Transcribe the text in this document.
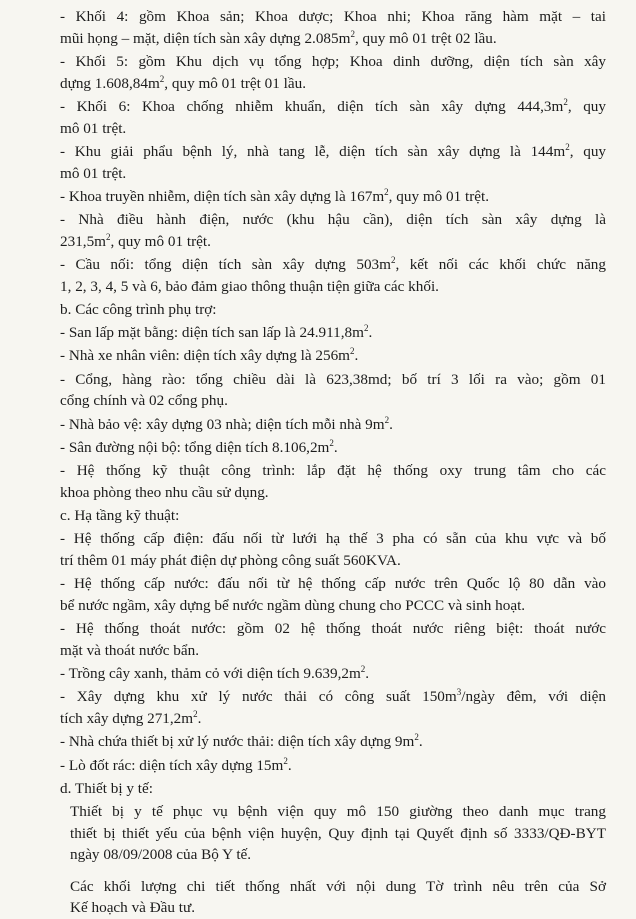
- Khối 4: gồm Khoa sản; Khoa dược; Khoa nhi; Khoa răng hàm mặt – tai
mũi họng – mặt, diện tích sàn xây dựng $2.085m^2$, quy mô 01 trệt 02 lầu.
- Khối 5: gồm Khu dịch vụ tổng hợp; Khoa dinh dưỡng, diện tích sàn xây
dựng $1.608,84m^2$, quy mô 01 trệt 01 lầu.
- Khối 6: Khoa chống nhiễm khuẩn, diện tích sàn xây dựng $444,3m^2$, quy
mô 01 trệt.
- Khu giải phẩu bệnh lý, nhà tang lễ, diện tích sàn xây dựng là $144m^2$, quy
mô 01 trệt.
- Khoa truyền nhiễm, diện tích sàn xây dựng là $167m^2$, quy mô 01 trệt.
- Nhà điều hành điện, nước (khu hậu cần), diện tích sàn xây dựng là
$231,5m^2$, quy mô 01 trệt.
- Cầu nối: tổng diện tích sàn xây dựng $503m^2$, kết nối các khối chức năng
1, 2, 3, 4, 5 và 6, bảo đảm giao thông thuận tiện giữa các khối.
b. Các công trình phụ trợ:
- San lấp mặt bằng: diện tích san lấp là $24.911,8m^2$.
- Nhà xe nhân viên: diện tích xây dựng là $256m^2$.
- Cổng, hàng rào: tổng chiều dài là 623,38md; bố trí 3 lối ra vào; gồm 01
cổng chính và 02 cổng phụ.
- Nhà bảo vệ: xây dựng 03 nhà; diện tích mỗi nhà $9m^2$.
- Sân đường nội bộ: tổng diện tích $8.106,2m^2$.
- Hệ thống kỹ thuật công trình: lắp đặt hệ thống oxy trung tâm cho các
khoa phòng theo nhu cầu sử dụng.
c. Hạ tầng kỹ thuật:
- Hệ thống cấp điện: đấu nối từ lưới hạ thế 3 pha có sẵn của khu vực và bố
trí thêm 01 máy phát điện dự phòng công suất 560KVA.
- Hệ thống cấp nước: đấu nối từ hệ thống cấp nước trên Quốc lộ 80 dẫn vào
bể nước ngầm, xây dựng bể nước ngầm dùng chung cho PCCC và sinh hoạt.
- Hệ thống thoát nước: gồm 02 hệ thống thoát nước riêng biệt: thoát nước
mặt và thoát nước bẩn.
- Trồng cây xanh, thảm cỏ với diện tích $9.639,2m^2$.
- Xây dựng khu xử lý nước thải có công suất $150m^3$/ngày đêm, với diện
tích xây dựng $271,2m^2$.
- Nhà chứa thiết bị xử lý nước thải: diện tích xây dựng $9m^2$.
- Lò đốt rác: diện tích xây dựng $15m^2$.
d. Thiết bị y tế:
Thiết bị y tế phục vụ bệnh viện quy mô 150 giường theo danh mục trang
thiết bị thiết yếu của bệnh viện huyện, Quy định tại Quyết định số 3333/QĐ-BYT
ngày 08/09/2008 của Bộ Y tế.
Các khối lượng chi tiết thống nhất với nội dung Tờ trình nêu trên của Sở
Kế hoạch và Đầu tư.
